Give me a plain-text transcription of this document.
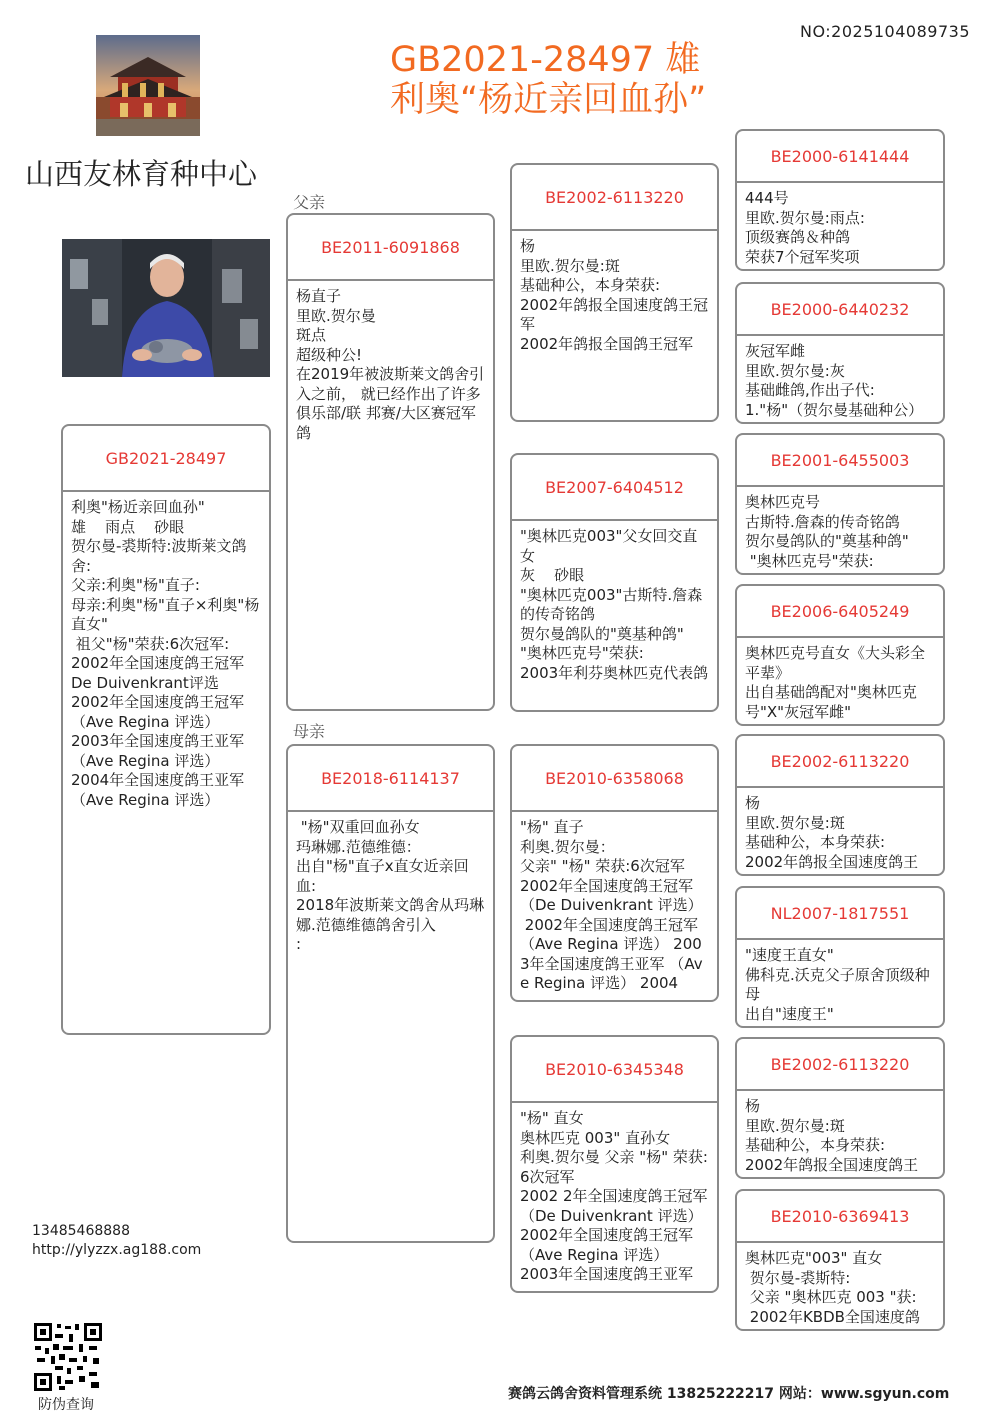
NO:2025104089735
GB2021-28497 雄
利奥“杨近亲回血孙”
山西友林育种中心
父亲
母亲
GB2021-28497
利奥"杨近亲回血孙"
雄    雨点    砂眼
贺尔曼-裘斯特:波斯莱文鸽舍:
父亲:利奥"杨"直子:
母亲:利奥"杨"直子×利奥"杨直女"
祖父"杨"荣获:6次冠军:
2002年全国速度鸽王冠军
De Duivenkrant评选
2002年全国速度鸽王冠军
（Ave Regina 评选）
2003年全国速度鸽王亚军
（Ave Regina 评选）
2004年全国速度鸽王亚军
（Ave Regina 评选）
BE2011-6091868
杨直子
里欧.贺尔曼
斑点
超级种公!
在2019年被波斯莱文鸽舍引入之前， 就已经作出了许多俱乐部/联 邦赛/大区赛冠军鸽
BE2018-6114137
"杨"双重回血孙女
玛琳娜.范德维德：
出自"杨"直子x直女近亲回血:
2018年波斯莱文鸽舍从玛琳娜.范德维德鸽舍引入
:
BE2002-6113220
杨
里欧.贺尔曼:斑
基础种公，本身荣获:
2002年鸽报全国速度鸽王冠军
2002年鸽报全国鸽王冠军
BE2007-6404512
"奥林匹克003"父女回交直女
灰    砂眼
"奥林匹克003"古斯特.詹森的传奇铭鸽
贺尔曼鸽队的"奠基种鸽"
"奥林匹克号"荣获:
2003年利芬奥林匹克代表鸽
BE2010-6358068
"杨" 直子
利奥.贺尔曼：
父亲" "杨" 荣获:6次冠军
2002年全国速度鸽王冠军
（De Duivenkrant 评选）
2002年全国速度鸽王冠军
（Ave Regina 评选） 2003年全国速度鸽王亚军 （Ave Regina 评选） 2004
BE2010-6345348
"杨" 直女
奥林匹克 003" 直孙女
利奥.贺尔曼 父亲 "杨" 荣获:6次冠军
2002 2年全国速度鸽王冠军 （De Duivenkrant 评选）  2002年全国速度鸽王冠军 （Ave Regina 评选）
2003年全国速度鸽王亚军
BE2000-6141444
444号
里欧.贺尔曼:雨点:
顶级赛鸽＆种鸽
荣获7个冠军奖项
BE2000-6440232
灰冠军雌
里欧.贺尔曼:灰
基础雌鸽,作出子代:
1."杨"（贺尔曼基础种公）
BE2001-6455003
奥林匹克号
古斯特.詹森的传奇铭鸽
贺尔曼鸽队的"奠基种鸽"
"奥林匹克号"荣获:
BE2006-6405249
奥林匹克号直女《大头彩全平辈》
出自基础鸽配对"奥林匹克号"X"灰冠军雌"
BE2002-6113220
杨
里欧.贺尔曼:斑
基础种公，本身荣获:
2002年鸽报全国速度鸽王
NL2007-1817551
"速度王直女"
佛科克.沃克父子原舍顶级种母
出自"速度王"
BE2002-6113220
杨
里欧.贺尔曼:斑
基础种公，本身荣获:
2002年鸽报全国速度鸽王
BE2010-6369413
奥林匹克"003" 直女
贺尔曼-裘斯特:
父亲 "奥林匹克 003 "获:
2002年KBDB全国速度鸽
13485468888
http://ylyzzx.ag188.com
防伪查询
赛鸽云鸽舍资料管理系统 13825222217 网站：www.sgyun.com
